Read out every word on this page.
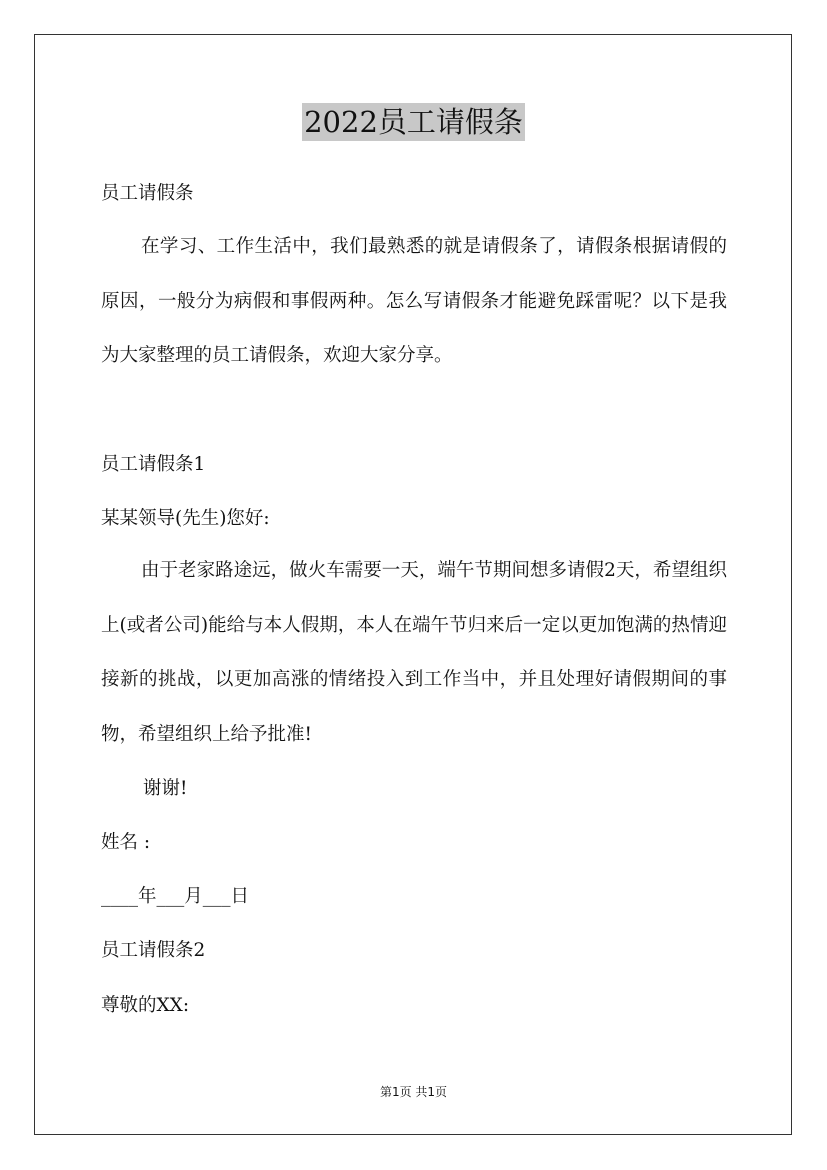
2022员工请假条
员工请假条
在学习、工作生活中，我们最熟悉的就是请假条了，请假条根据请假的原因，一般分为病假和事假两种。怎么写请假条才能避免踩雷呢？以下是我为大家整理的员工请假条，欢迎大家分享。
员工请假条1
某某领导(先生)您好:
由于老家路途远，做火车需要一天，端午节期间想多请假2天，希望组织上(或者公司)能给与本人假期，本人在端午节归来后一定以更加饱满的热情迎接新的挑战，以更加高涨的情绪投入到工作当中，并且处理好请假期间的事物，希望组织上给予批准!
谢谢!
姓名 :
____年___月___日
员工请假条2
尊敬的XX:
第1页 共1页
